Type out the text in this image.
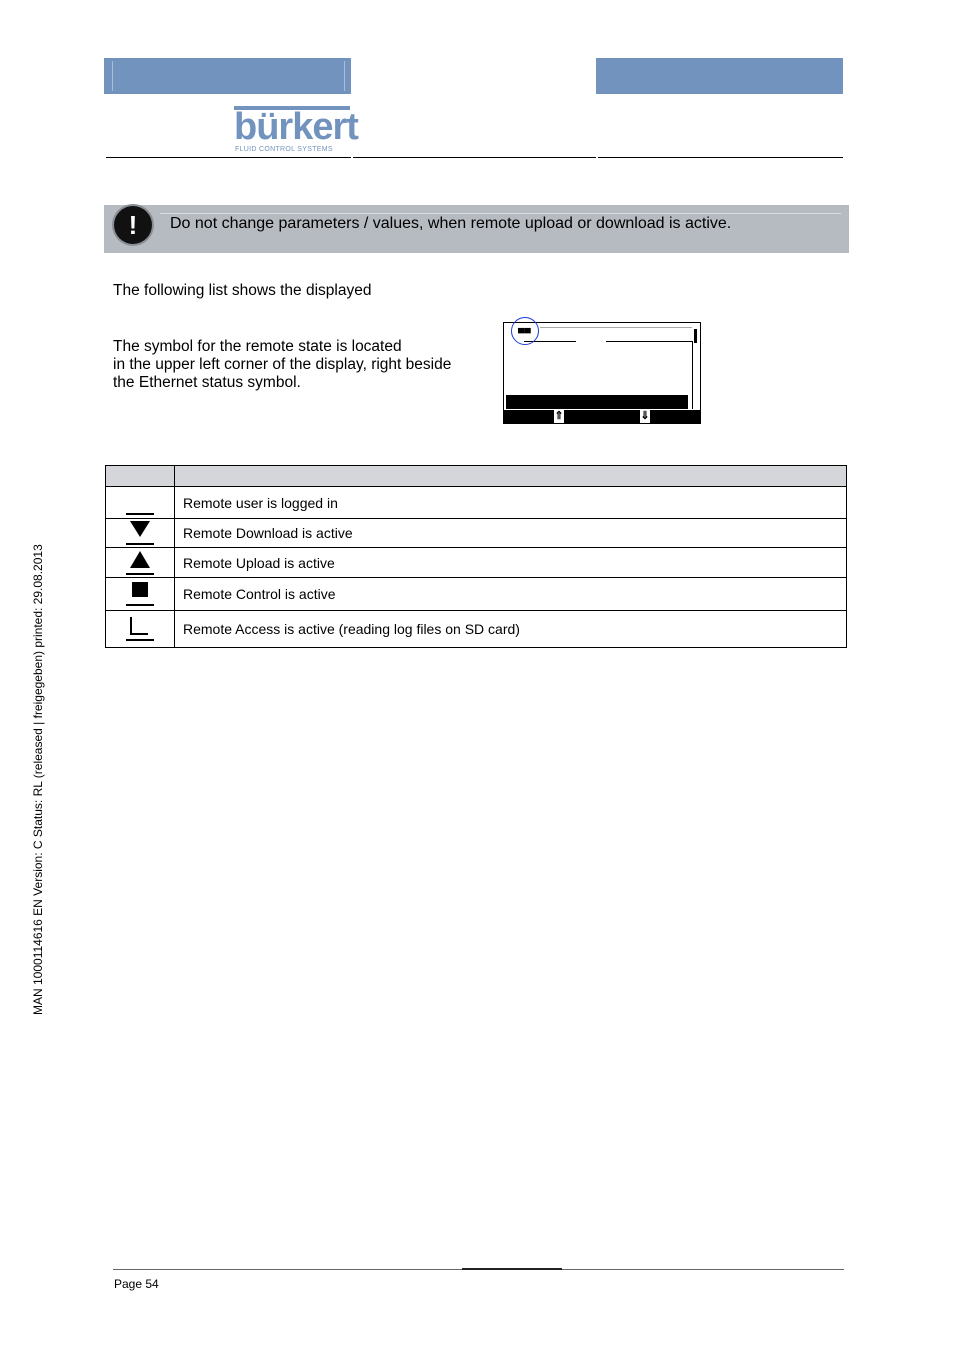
bürkert
FLUID CONTROL SYSTEMS
!	Do not change parameters / values, when remote upload or download is active.
The following list shows the displayed
The symbol for the remote state is located
in the upper left corner of the display, right beside
the Ethernet status symbol.
▀▀
⇑	⇓

	Remote user is logged in

	Remote Download is active

	Remote Upload is active

	Remote Control is active

	Remote Access is active (reading log files on SD card)
MAN 1000114616 EN Version: C Status: RL (released | freigegeben) printed: 29.08.2013
Page 54
